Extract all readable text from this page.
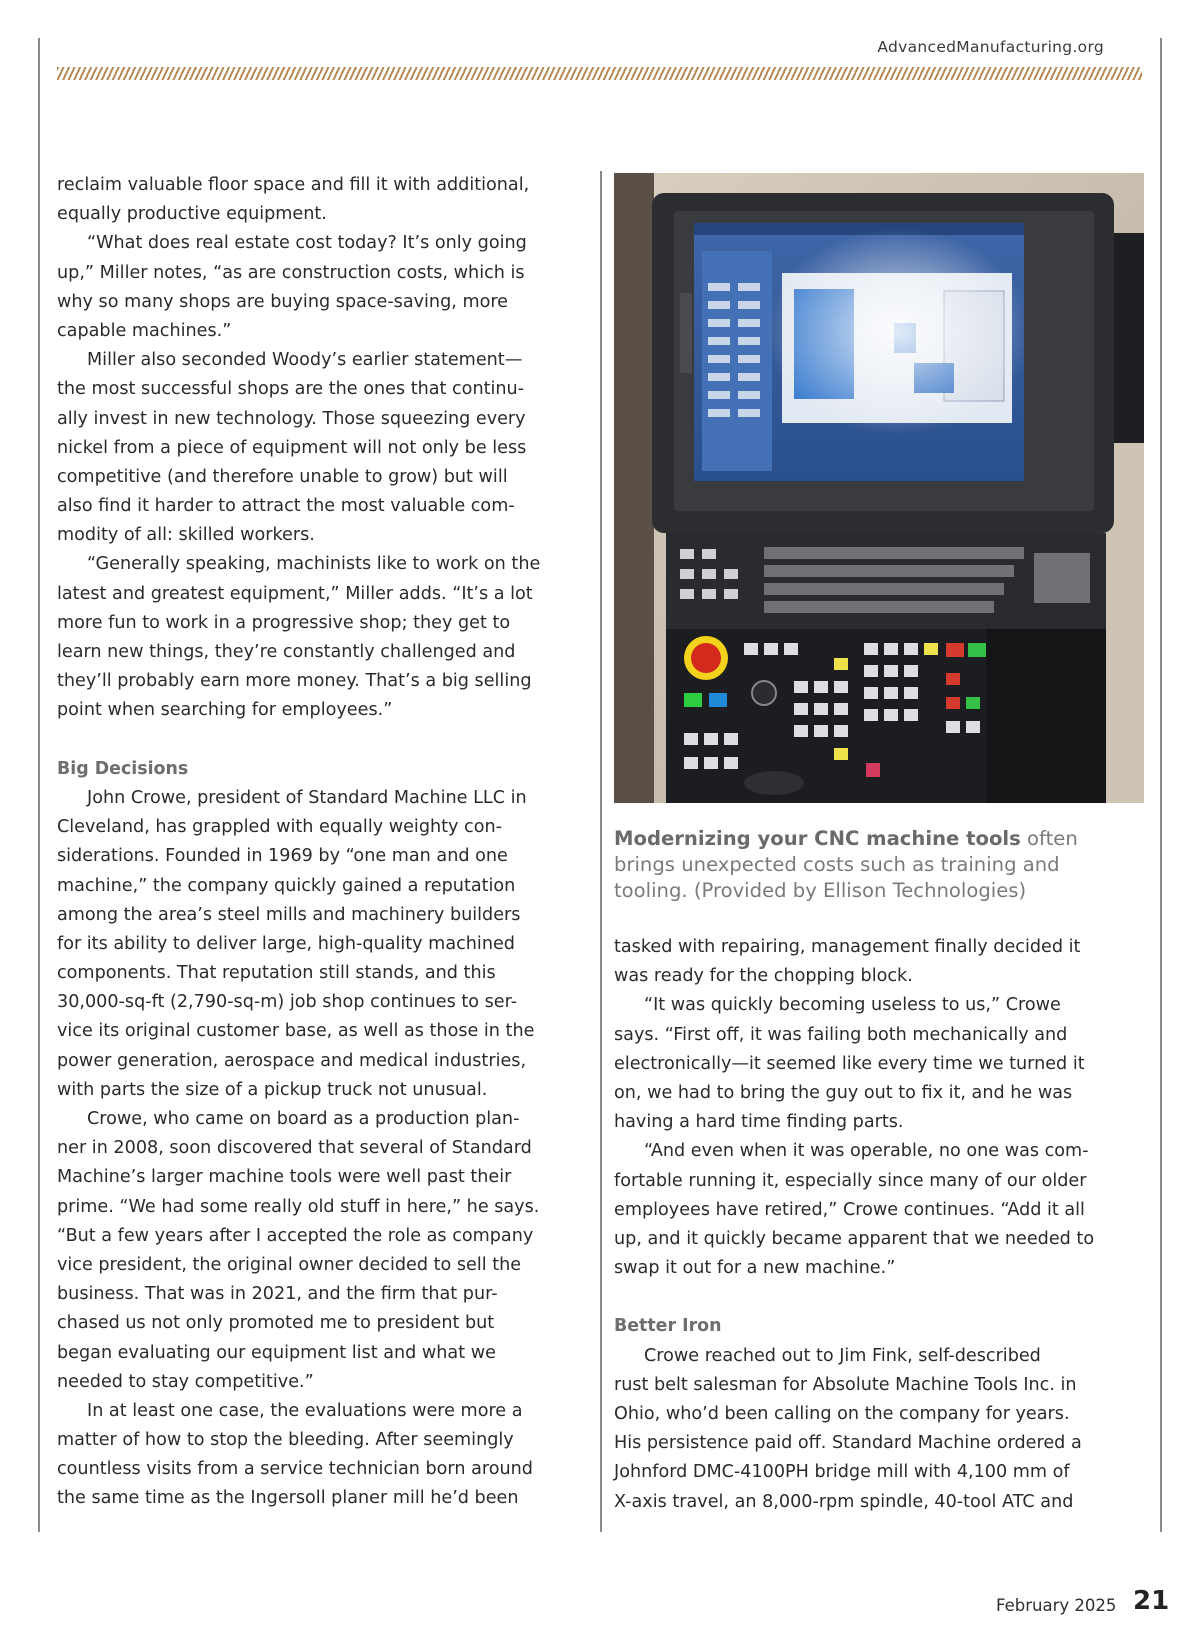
AdvancedManufacturing.org
reclaim valuable floor space and fill it with additional,
equally productive equipment.
“What does real estate cost today? It’s only going
up,” Miller notes, “as are construction costs, which is
why so many shops are buying space-saving, more
capable machines.”
Miller also seconded Woody’s earlier statement—
the most successful shops are the ones that continu-
ally invest in new technology. Those squeezing every
nickel from a piece of equipment will not only be less
competitive (and therefore unable to grow) but will
also find it harder to attract the most valuable com-
modity of all: skilled workers.
“Generally speaking, machinists like to work on the
latest and greatest equipment,” Miller adds. “It’s a lot
more fun to work in a progressive shop; they get to
learn new things, they’re constantly challenged and
they’ll probably earn more money. That’s a big selling
point when searching for employees.”
Big Decisions
John Crowe, president of Standard Machine LLC in
Cleveland, has grappled with equally weighty con-
siderations. Founded in 1969 by “one man and one
machine,” the company quickly gained a reputation
among the area’s steel mills and machinery builders
for its ability to deliver large, high-quality machined
components. That reputation still stands, and this
30,000-sq-ft (2,790-sq-m) job shop continues to ser-
vice its original customer base, as well as those in the
power generation, aerospace and medical industries,
with parts the size of a pickup truck not unusual.
Crowe, who came on board as a production plan-
ner in 2008, soon discovered that several of Standard
Machine’s larger machine tools were well past their
prime. “We had some really old stuff in here,” he says.
“But a few years after I accepted the role as company
vice president, the original owner decided to sell the
business. That was in 2021, and the firm that pur-
chased us not only promoted me to president but
began evaluating our equipment list and what we
needed to stay competitive.”
In at least one case, the evaluations were more a
matter of how to stop the bleeding. After seemingly
countless visits from a service technician born around
the same time as the Ingersoll planer mill he’d been
Modernizing your CNC machine tools often
brings unexpected costs such as training and
tooling. (Provided by Ellison Technologies)
tasked with repairing, management finally decided it
was ready for the chopping block.
“It was quickly becoming useless to us,” Crowe
says. “First off, it was failing both mechanically and
electronically—it seemed like every time we turned it
on, we had to bring the guy out to fix it, and he was
having a hard time finding parts.
“And even when it was operable, no one was com-
fortable running it, especially since many of our older
employees have retired,” Crowe continues. “Add it all
up, and it quickly became apparent that we needed to
swap it out for a new machine.”
Better Iron
Crowe reached out to Jim Fink, self-described
rust belt salesman for Absolute Machine Tools Inc. in
Ohio, who’d been calling on the company for years.
His persistence paid off. Standard Machine ordered a
Johnford DMC-4100PH bridge mill with 4,100 mm of
X-axis travel, an 8,000-rpm spindle, 40-tool ATC and
February 2025 21
